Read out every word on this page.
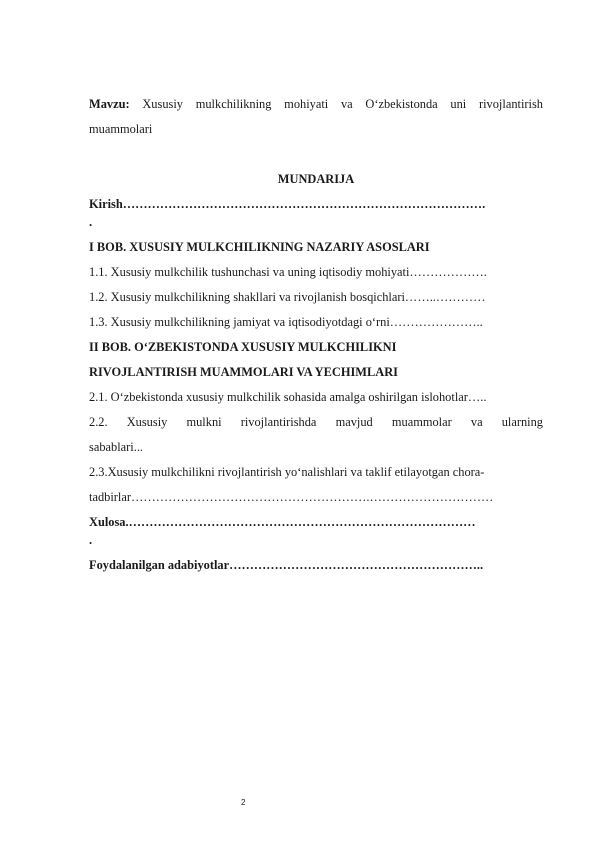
Mavzu: Xususiy mulkchilikning mohiyati va O‘zbekistonda uni rivojlantirish
muammolari
MUNDARIJA
Kirish…………………………………………………………………………….
.
I BOB. XUSUSIY MULKCHILIKNING NAZARIY ASOSLARI
1.1. Xususiy mulkchilik tushunchasi va uning iqtisodiy mohiyati……………….
1.2. Xususiy mulkchilikning shakllari va rivojlanish bosqichlari……..…………
1.3. Xususiy mulkchilikning jamiyat va iqtisodiyotdagi o‘rni…………………..
II BOB. O‘ZBEKISTONDA XUSUSIY MULKCHILIKNI
RIVOJLANTIRISH MUAMMOLARI VA YECHIMLARI
2.1. O‘zbekistonda xususiy mulkchilik sohasida amalga oshirilgan islohotlar…..
2.2. Xususiy mulkni rivojlantirishda mavjud muammolar va ularning
sabablari...
2.3.Xususiy mulkchilikni rivojlantirish yo‘nalishlari va taklif etilayotgan chora-
tadbirlar………………………………………………….…………………………
Xulosa.…………………………………………………………………………
.
Foydalanilgan adabiyotlar……………………………………………………..
2
